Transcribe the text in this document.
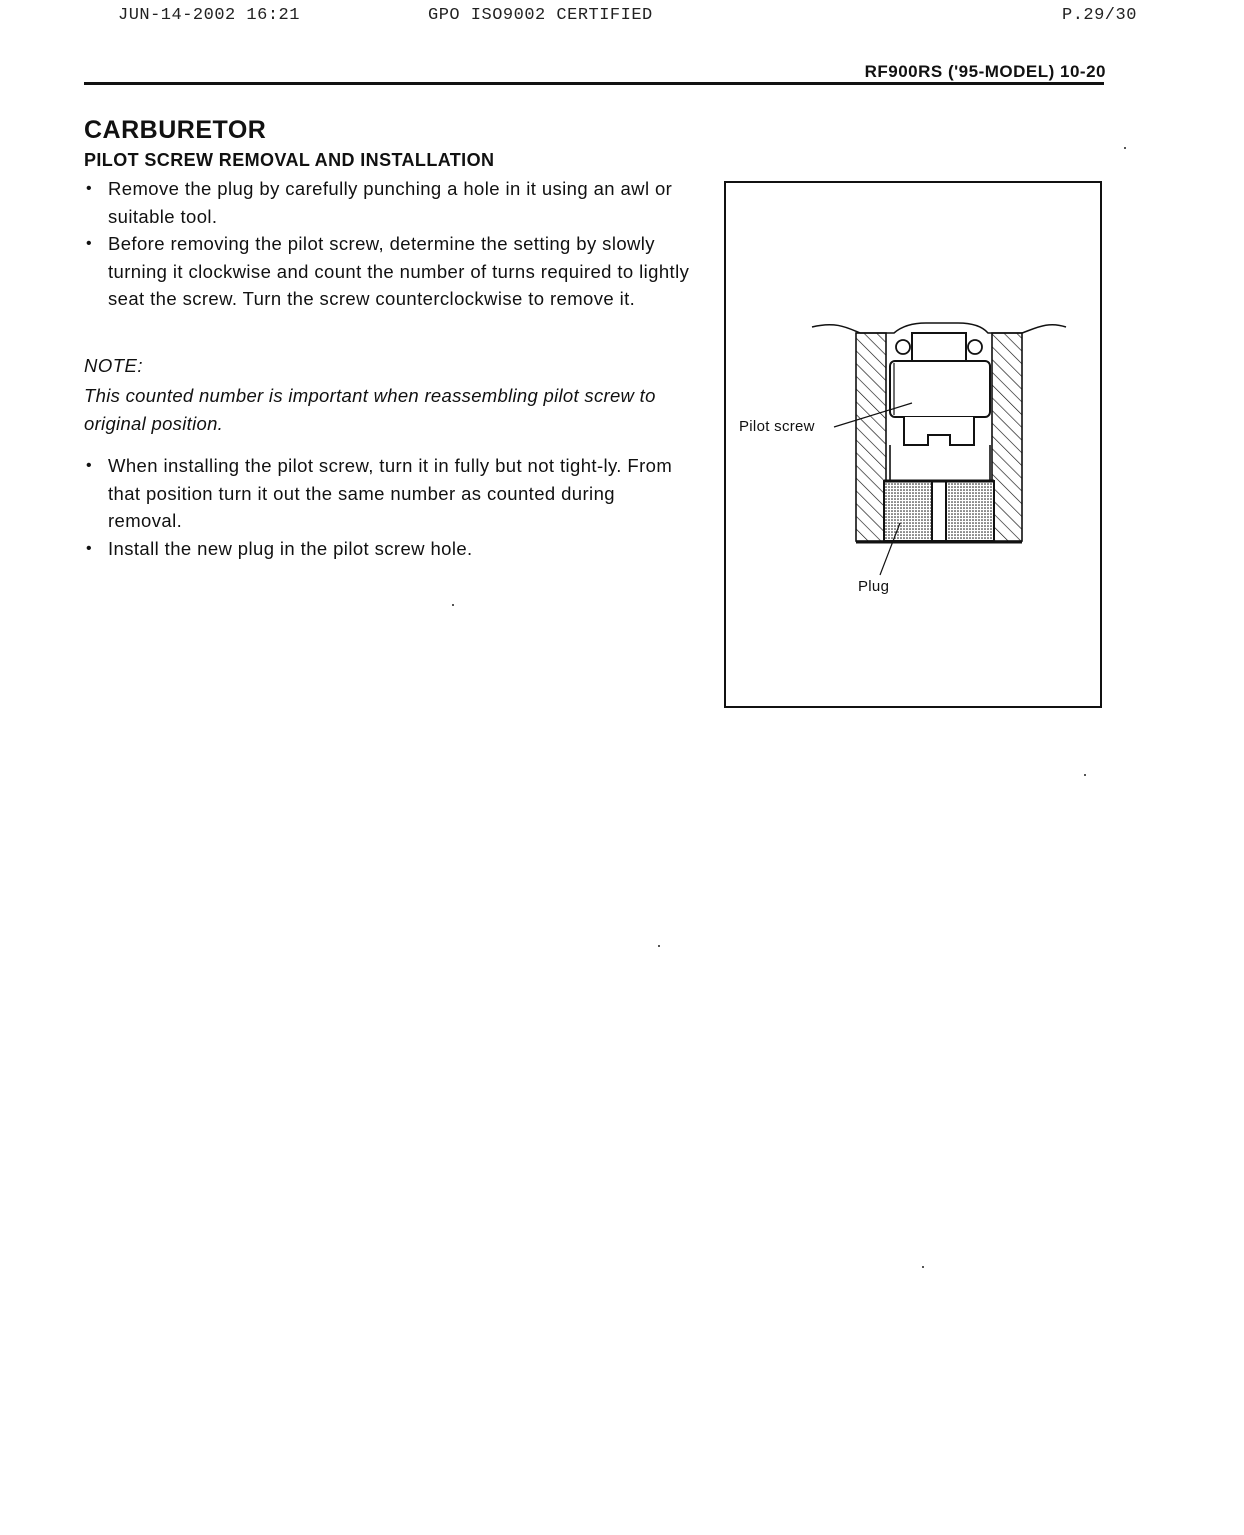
JUN-14-2002 16:21	GPO ISO9002 CERTIFIED	P.29/30
RF900RS ('95-MODEL) 10-20
CARBURETOR
PILOT SCREW REMOVAL AND INSTALLATION
• Remove the plug by carefully punching a hole in it using an awl or suitable tool.
• Before removing the pilot screw, determine the setting by slowly turning it clockwise and count the number of turns required to lightly seat the screw. Turn the screw counterclockwise to remove it.
NOTE:
This counted number is important when reassembling pilot screw to original position.
• When installing the pilot screw, turn it in fully but not tight-ly. From that position turn it out the same number as counted during removal.
• Install the new plug in the pilot screw hole.
Pilot screw
Plug
